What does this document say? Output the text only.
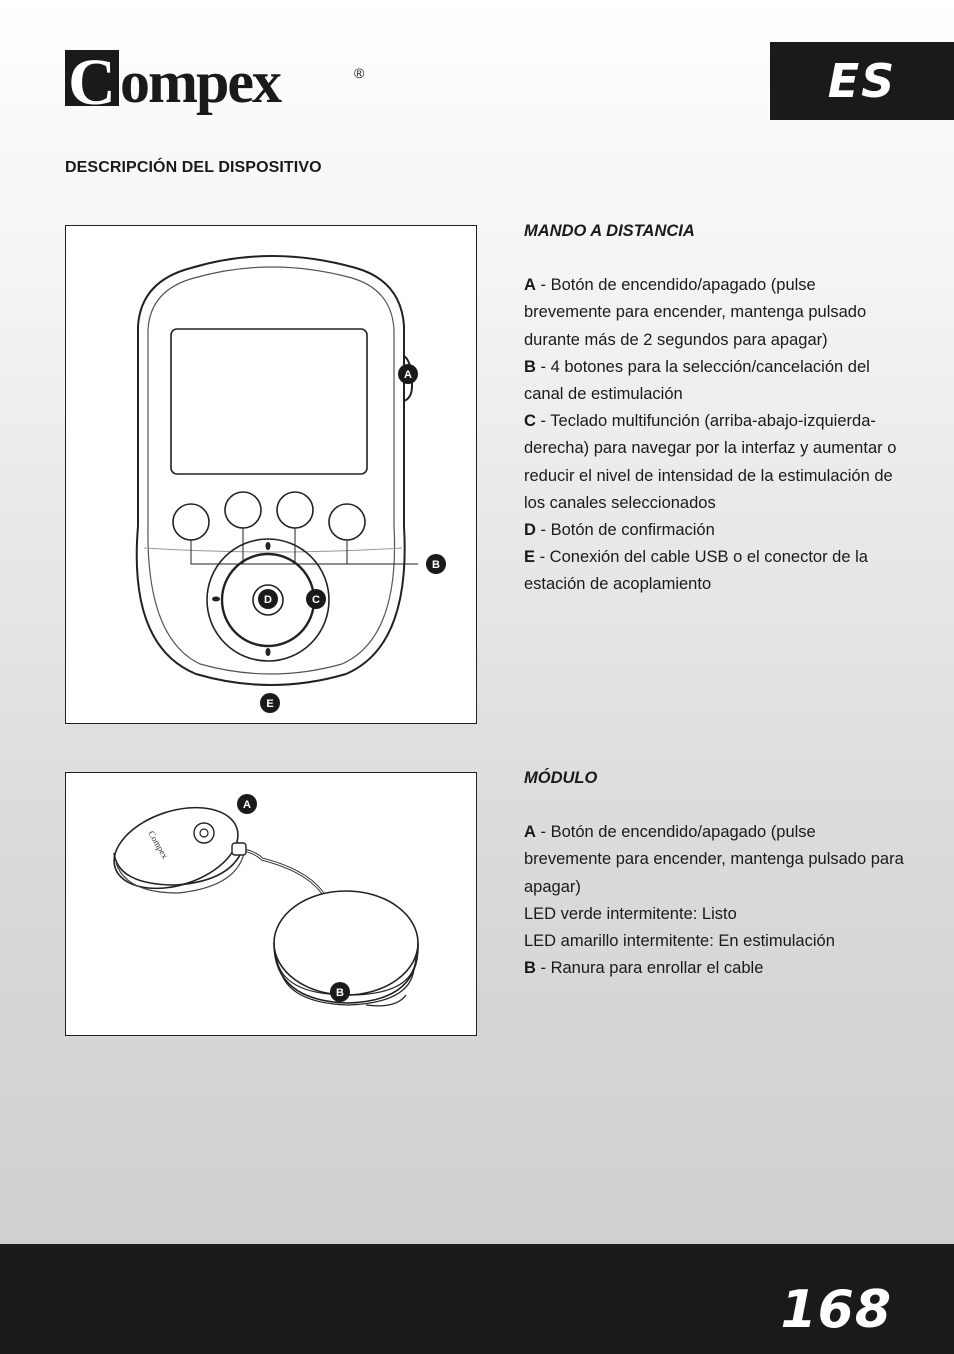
C ompex	®	ES
DESCRIPCIÓN DEL DISPOSITIVO
A
B
C
D
E
MANDO A DISTANCIA
A - Botón de encendido/apagado (pulse brevemente para encender, mantenga pulsado durante más de 2 segundos para apagar)
B - 4 botones para la selección/cancelación del canal de estimulación
C - Teclado multifunción (arriba-abajo-izquierda-derecha) para navegar por la interfaz y aumentar o reducir el nivel de intensidad de la estimulación de los canales seleccionados
D - Botón de confirmación
E - Conexión del cable USB o el conector de la estación de acoplamiento
Compex
A
B
MÓDULO
A - Botón de encendido/apagado (pulse brevemente para encender, mantenga pulsado para apagar)
LED verde intermitente: Listo
LED amarillo intermitente: En estimulación
B - Ranura para enrollar el cable
168
